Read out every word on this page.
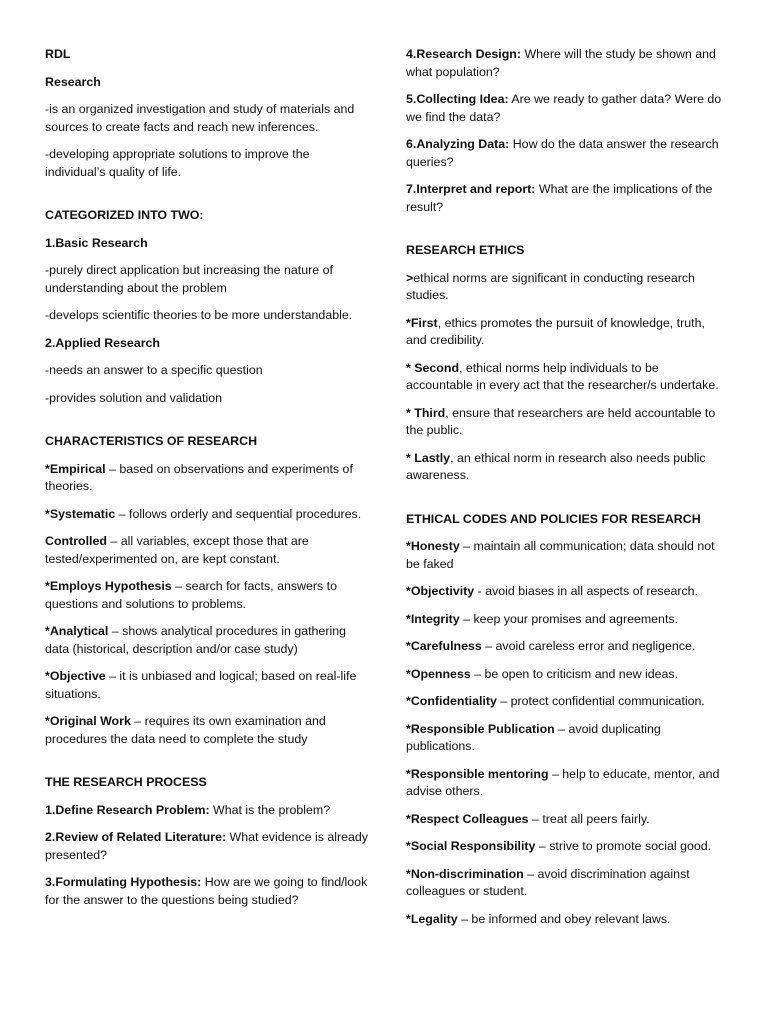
RDL

Research

-is an organized investigation and study of materials and sources to create facts and reach new inferences.

-developing appropriate solutions to improve the individual’s quality of life.

CATEGORIZED INTO TWO:

1.Basic Research

-purely direct application but increasing the nature of understanding about the problem

-develops scientific theories to be more understandable.

2.Applied Research

-needs an answer to a specific question

-provides solution and validation

CHARACTERISTICS OF RESEARCH

*Empirical – based on observations and experiments of theories.

*Systematic – follows orderly and sequential procedures.

Controlled – all variables, except those that are tested/experimented on, are kept constant.

*Employs Hypothesis – search for facts, answers to questions and solutions to problems.

*Analytical – shows analytical procedures in gathering data (historical, description and/or case study)

*Objective – it is unbiased and logical; based on real-life situations.

*Original Work – requires its own examination and procedures the data need to complete the study

THE RESEARCH PROCESS

1.Define Research Problem: What is the problem?

2.Review of Related Literature: What evidence is already presented?

3.Formulating Hypothesis: How are we going to find/look for the answer to the questions being studied?

4.Research Design: Where will the study be shown and what population?

5.Collecting Idea: Are we ready to gather data? Were do we find the data?

6.Analyzing Data: How do the data answer the research queries?

7.Interpret and report: What are the implications of the result?

RESEARCH ETHICS

>ethical norms are significant in conducting research studies.

*First, ethics promotes the pursuit of knowledge, truth, and credibility.

* Second, ethical norms help individuals to be accountable in every act that the researcher/s undertake.

* Third, ensure that researchers are held accountable to the public.

* Lastly, an ethical norm in research also needs public awareness.

ETHICAL CODES AND POLICIES FOR RESEARCH

*Honesty – maintain all communication; data should not be faked

*Objectivity - avoid biases in all aspects of research.

*Integrity – keep your promises and agreements.

*Carefulness – avoid careless error and negligence.

*Openness – be open to criticism and new ideas.

*Confidentiality – protect confidential communication.

*Responsible Publication – avoid duplicating publications.

*Responsible mentoring – help to educate, mentor, and advise others.

*Respect Colleagues – treat all peers fairly.

*Social Responsibility – strive to promote social good.

*Non-discrimination – avoid discrimination against colleagues or student.

*Legality – be informed and obey relevant laws.
